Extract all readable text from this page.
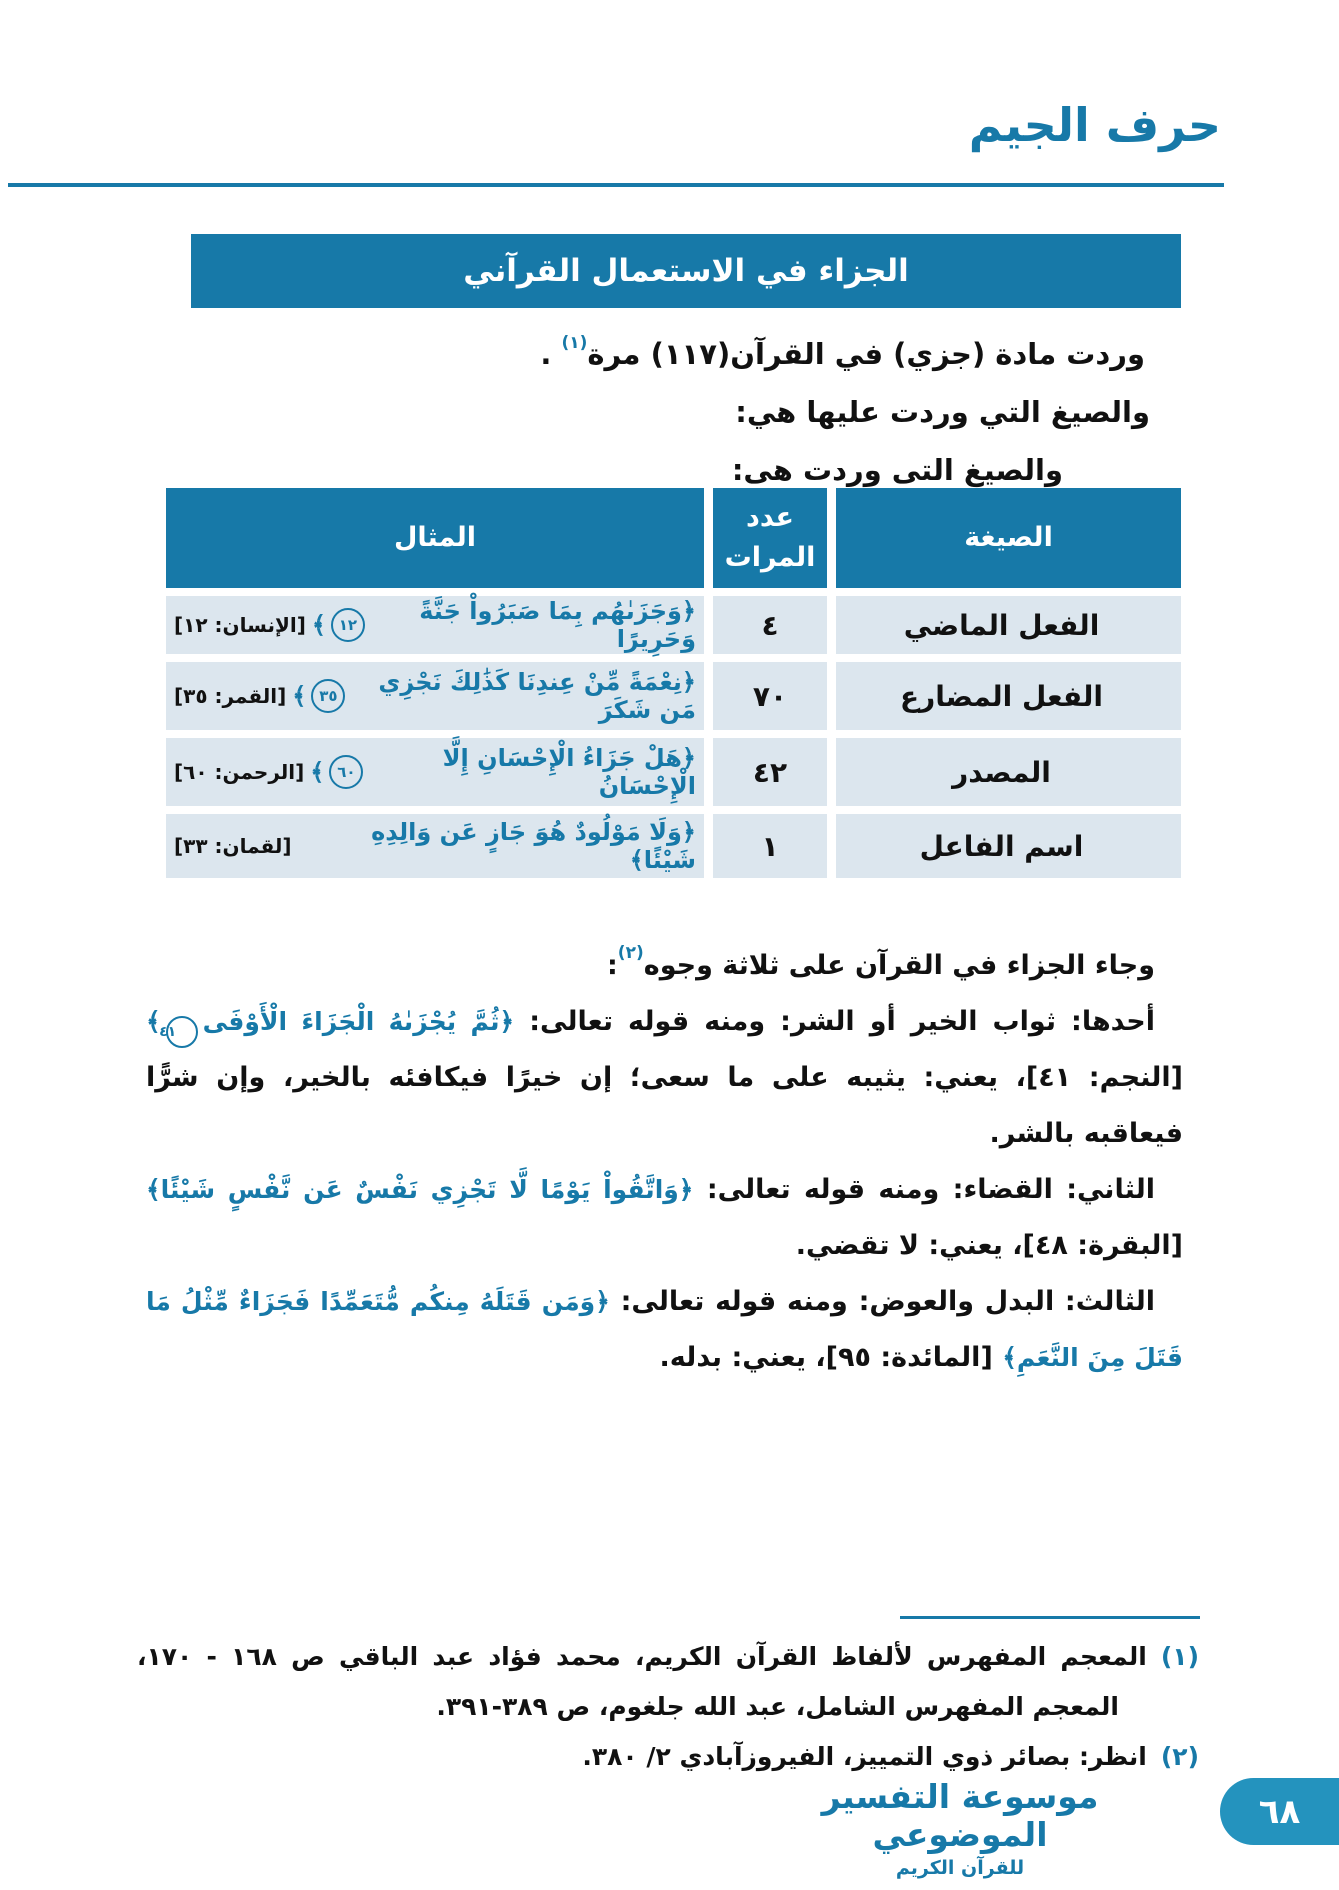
حرف الجيم
الجزاء في الاستعمال القرآني

وردت مادة (جزي) في القرآن(١١٧) مرة$^{(١)}$ .

والصيغ التي وردت عليها هي:

والصيغ التى وردت هى:

الصيغة
عدد المرات
المثال
الفعل الماضي
٤
﴿وَجَزَىٰهُم بِمَا صَبَرُواْ جَنَّةً وَحَرِيرًا
١٢
﴾
[الإنسان: ١٢]
الفعل المضارع
٧٠
﴿نِعْمَةً مِّنْ عِندِنَا كَذَٰلِكَ نَجْزِي مَن شَكَرَ
٣٥
﴾
[القمر: ٣٥]
المصدر
٤٢
﴿هَلْ جَزَاءُ الْإِحْسَانِ إِلَّا الْإِحْسَانُ
٦٠
﴾
[الرحمن: ٦٠]
اسم الفاعل
١
﴿وَلَا مَوْلُودٌ هُوَ جَازٍ عَن وَالِدِهِ شَيْئًا﴾
[لقمان: ٣٣]

وجاء الجزاء في القرآن على ثلاثة وجوه$^{(٢)}$:

أحدها: ثواب الخير أو الشر: ومنه قوله تعالى: ﴿ثُمَّ يُجْزَىٰهُ الْجَزَاءَ الْأَوْفَى٤١﴾ [النجم: ٤١]، يعني: يثيبه على ما سعى؛ إن خيرًا فيكافئه بالخير، وإن شرًّا فيعاقبه بالشر.

الثاني: القضاء: ومنه قوله تعالى: ﴿وَاتَّقُواْ يَوْمًا لَّا تَجْزِي نَفْسٌ عَن نَّفْسٍ شَيْئًا﴾ [البقرة: ٤٨]، يعني: لا تقضي.

الثالث: البدل والعوض: ومنه قوله تعالى: ﴿وَمَن قَتَلَهُ مِنكُم مُّتَعَمِّدًا فَجَزَاءٌ مِّثْلُ مَا قَتَلَ مِنَ النَّعَمِ﴾ [المائدة: ٩٥]، يعني: بدله.

(١)المعجم المفهرس لألفاظ القرآن الكريم، محمد فؤاد عبد الباقي ص ١٦٨ - ١٧٠، المعجم المفهرس الشامل، عبد الله جلغوم، ص ٣٨٩-٣٩١.

(٢)انظر: بصائر ذوي التمييز، الفيروزآبادي ٢/ ٣٨٠.

موسوعة التفسير الموضوعي
للقرآن الكريم
٦٨
